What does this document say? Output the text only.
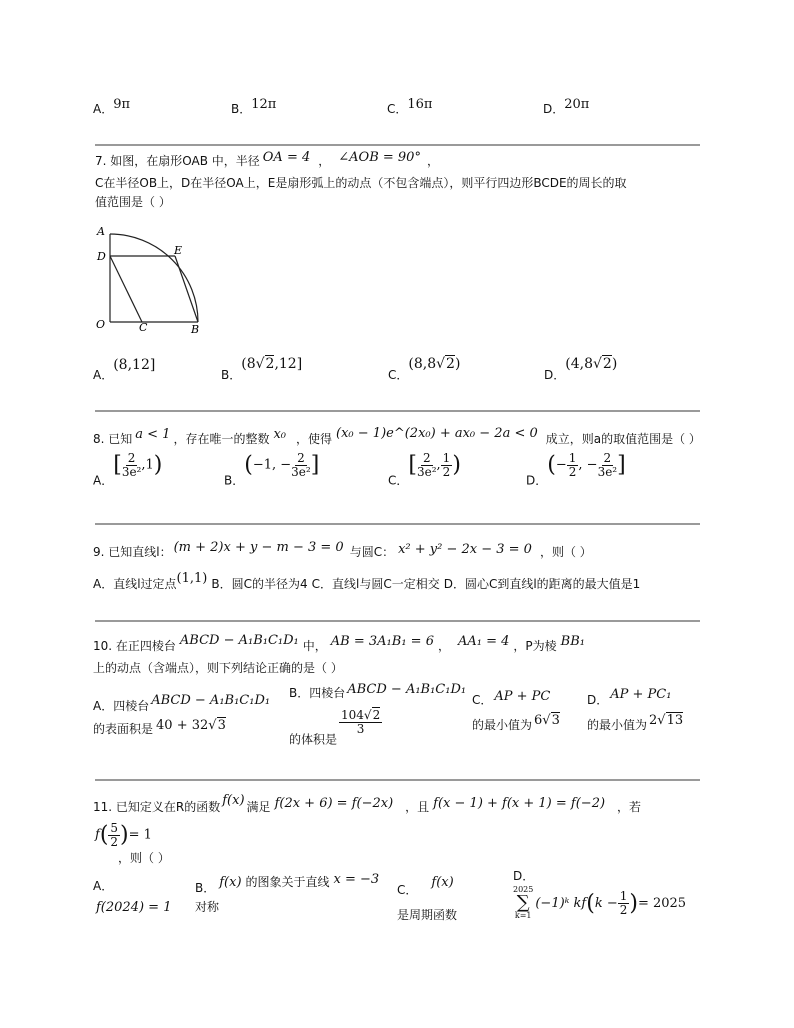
A．9π	B．12π	C．16π	D．20π
7. 如图，在扇形OAB 中，半径 OA = 4 ， ∠AOB = 90° ，
C在半径OB上，D在半径OA上，E是扇形弧上的动点（不包含端点），则平行四边形BCDE的周长的取
值范围是（ ）
A
D	E
O	C	B
A．(8,12]
B．(8√2,12]
C．(8,8√2)
D．(4,8√2)
8. 已知 a < 1 ，存在唯一的整数 x₀ ，使得 (x₀ − 1)e^(2x₀) + ax₀ − 2a < 0 成立，则a的取值范围是（ ）
A．[ $\frac{2}{\text{3e²}} ,1$)
B．(−1, − $\frac{2}{\text{3e²}}$ ]
C．[ $\frac{2}{\text{3e²}}$ , $\frac{1}{2}$ )
D．(− $\frac{1}{2}$ , − $\frac{2}{\text{3e²}}$ ]
9. 已知直线l： (m + 2)x + y − m − 3 = 0 与圆C： x² + y² − 2x − 3 = 0 ，则（ ）
A．直线l过定点(1,1) B．圆C的半径为4 C．直线l与圆C一定相交 D．圆心C到直线l的距离的最大值是1
10. 在正四棱台 ABCD − A₁B₁C₁D₁ 中， AB = 3A₁B₁ = 6 ， AA₁ = 4 ，P为棱 BB₁
上的动点（含端点），则下列结论正确的是（ ）
A．四棱台 ABCD − A₁B₁C₁D₁
的表面积是 40 + 32√3
B．四棱台 ABCD − A₁B₁C₁D₁
的体积是
$\frac{104√2}{3}$
C． AP + PC
的最小值为 6√3
D． AP + PC₁
的最小值为 2√13
11. 已知定义在R的函数 f(x) 满足 f(2x + 6) = f(−2x) ，且 f(x − 1) + f(x + 1) = f(−2) ，若
$f( \frac{5}{2}$ )= 1
，则（ ）
A．
f(2024) = 1
B． f(x) 的图象关于直线 x = −3
对称
C． f(x)
是周期函数
D．
2025
∑
k=1
(−1)ᵏ kf ( $k - \frac{1}{2}$ ) = 2025
